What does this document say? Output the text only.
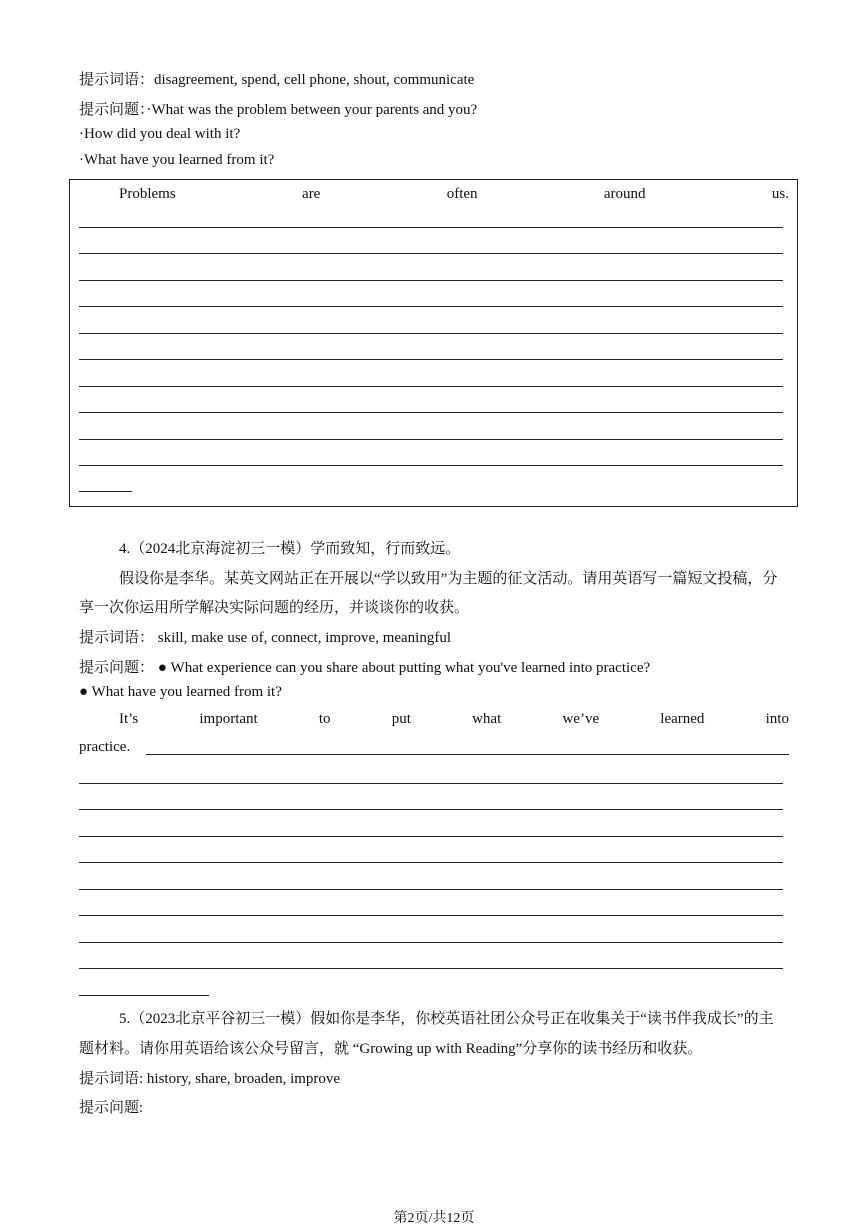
提示词语：disagreement, spend, cell phone, shout, communicate
提示问题：·What was the problem between your parents and you?
·How did you deal with it?
·What have you learned from it?
Problems	are	often	around	us.
4.（2024北京海淀初三一模）学而致知，行而致远。
假设你是李华。某英文网站正在开展以“学以致用”为主题的征文活动。请用英语写一篇短文投稿，分
享一次你运用所学解决实际问题的经历，并谈谈你的收获。
提示词语： skill, make use of, connect, improve, meaningful
提示问题： ● What experience can you share about putting what you've learned into practice?
● What have you learned from it?
It’s	important	to	put	what	we’ve	learned	into
practice.
5.（2023北京平谷初三一模）假如你是李华，你校英语社团公众号正在收集关于“读书伴我成长”的主
题材料。请你用英语给该公众号留言，就 “Growing up with Reading”分享你的读书经历和收获。
提示词语: history, share, broaden, improve
提示问题:
第2页/共12页
